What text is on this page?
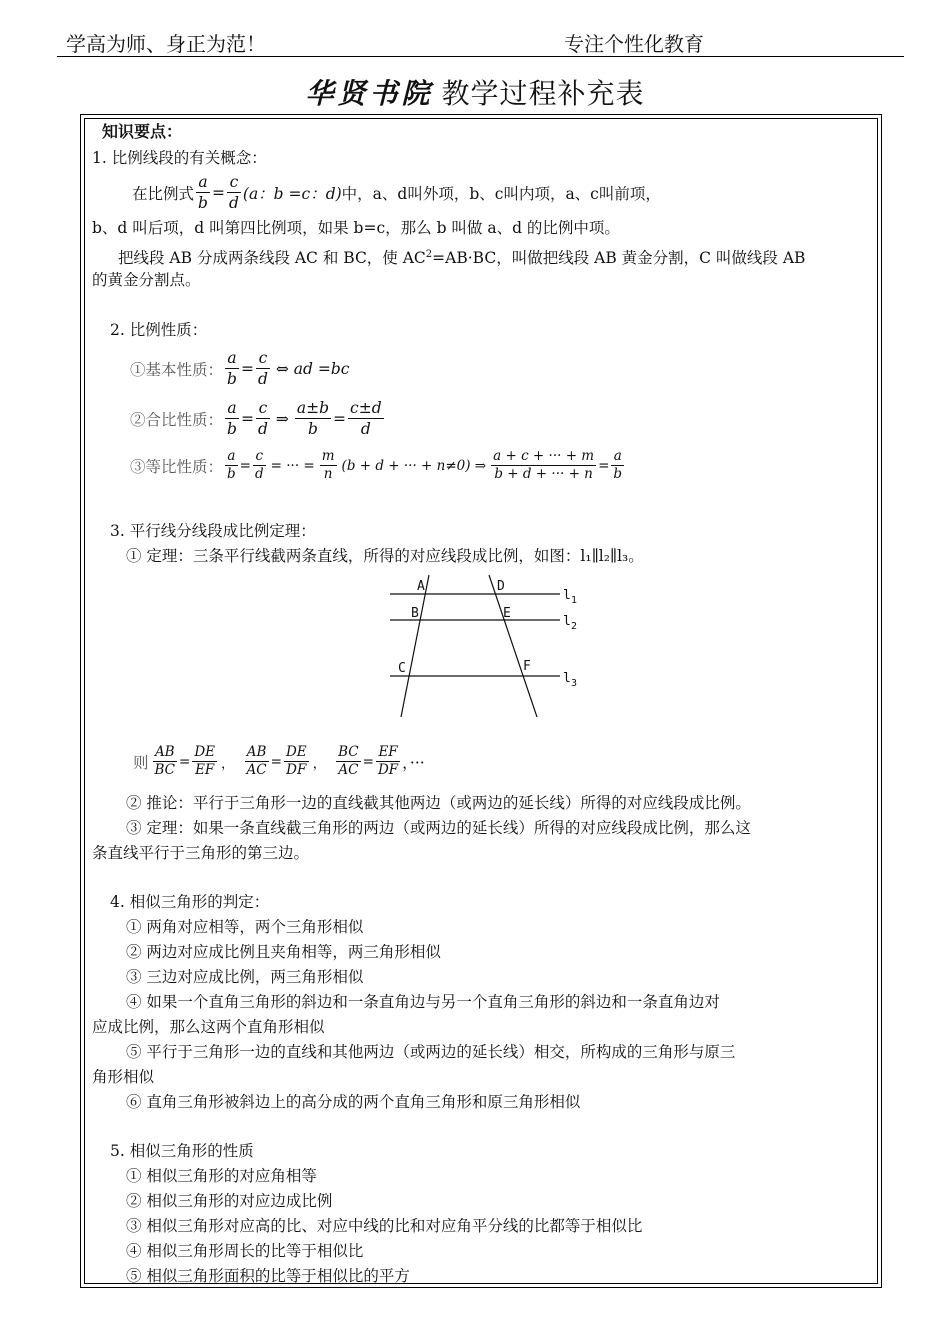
学高为师、身正为范！	专注个性化教育
华贤书院 教学过程补充表
知识要点：
1. 比例线段的有关概念：
在比例式 $\frac{a}{b} = \frac{c}{d} (a$：b =c：d) 中，a、d叫外项，b、c叫内项，a、c叫前项，
b、d 叫后项，d 叫第四比例项，如果 b=c，那么 b 叫做 a、d 的比例中项。
把线段 AB 分成两条线段 AC 和 BC，使 $AC^2=AB\cdot BC$，叫做把线段 AB 黄金分割，C 叫做线段 AB
的黄金分割点。
2. 比例性质：
①基本性质： $\frac{a}{b} = \frac{c}{d}$ ⇔ ad =bc
②合比性质： $\frac{a}{b} = \frac{c}{d}$ ⇒ $\frac{a\pm b}{b} = \frac{c\pm d}{d}$
③等比性质： $\frac{a}{b} = \frac{c}{d}$ = ··· = $\frac{m}{n} (b + d$ + ··· + n≠0) ⇒ $\frac{a + c + \cdot\cdot\cdot + m}{b + d + \cdot\cdot\cdot + n} = \frac{a}{b}$
3. 平行线分线段成比例定理：
① 定理：三条平行线截两条直线，所得的对应线段成比例，如图：l₁∥l₂∥l₃。
A
B
C
D
E
F
l 1
l 2
l 3
则 $\frac{AB}{BC} = \frac{DE}{EF}$ ， $\frac{AB}{AC} = \frac{DE}{DF}$ ， $\frac{BC}{AC} = \frac{EF}{DF}$ ，···
② 推论：平行于三角形一边的直线截其他两边（或两边的延长线）所得的对应线段成比例。
③ 定理：如果一条直线截三角形的两边（或两边的延长线）所得的对应线段成比例，那么这
条直线平行于三角形的第三边。
4. 相似三角形的判定：
① 两角对应相等，两个三角形相似
② 两边对应成比例且夹角相等，两三角形相似
③ 三边对应成比例，两三角形相似
④ 如果一个直角三角形的斜边和一条直角边与另一个直角三角形的斜边和一条直角边对
应成比例，那么这两个直角形相似
⑤ 平行于三角形一边的直线和其他两边（或两边的延长线）相交，所构成的三角形与原三
角形相似
⑥ 直角三角形被斜边上的高分成的两个直角三角形和原三角形相似
5. 相似三角形的性质
① 相似三角形的对应角相等
② 相似三角形的对应边成比例
③ 相似三角形对应高的比、对应中线的比和对应角平分线的比都等于相似比
④ 相似三角形周长的比等于相似比
⑤ 相似三角形面积的比等于相似比的平方
